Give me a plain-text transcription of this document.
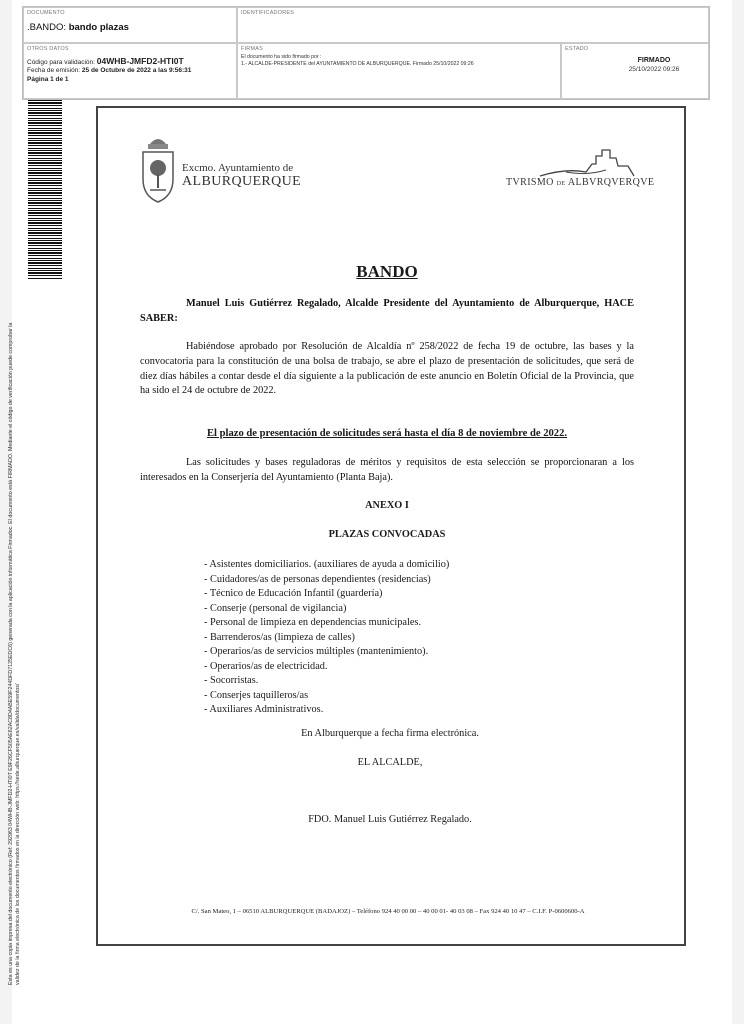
DOCUMENTO
.BANDO: bando plazas
IDENTIFICADORES
OTROS DATOS
Código para validación: 04WHB-JMFD2-HTI0T
Fecha de emisión: 25 de Octubre de 2022 a las 9:56:31
Página 1 de 1
FIRMAS
El documento ha sido firmado por :
1.- ALCALDE-PRESIDENTE del AYUNTAMIENTO DE ALBURQUERQUE. Firmado 25/10/2022 09:26
ESTADO
FIRMADO
25/10/2022 09:26
Esta es una copia impresa del documento electrónico (Ref: 292963 04WHB-JMFD2-HTI0T E9F26CF505AE62AC8D4ABE59F244DFD7125EDC6) generada con la aplicación informática Firmadoc. El documento está FIRMADO. Mediante el código de verificación puede comprobar la validez de la firma electrónica de los documentos firmados en la dirección web: https://sede.alburquerque.es/valida/documentos/
Excmo. Ayuntamiento de
ALBURQUERQUE	TVRISMO DE ALBVRQVERQVE
BANDO
Manuel Luis Gutiérrez Regalado, Alcalde Presidente del Ayuntamiento de Alburquerque, HACE SABER:
Habiéndose aprobado por Resolución de Alcaldía nº 258/2022 de fecha 19 de octubre, las bases y la convocatoria para la constitución de una bolsa de trabajo, se abre el plazo de presentación de solicitudes, que será de diez días hábiles a contar desde el día siguiente a la publicación de este anuncio en Boletín Oficial de la Provincia, que ha sido el 24 de octubre de 2022.
El plazo de presentación de solicitudes será hasta el día 8 de noviembre de 2022.
Las solicitudes y bases reguladoras de méritos y requisitos de esta selección se proporcionaran a los interesados en la Conserjería del Ayuntamiento (Planta Baja).
ANEXO I
PLAZAS CONVOCADAS
- Asistentes domiciliarios. (auxiliares de ayuda a domicilio)
- Cuidadores/as de personas dependientes (residencias)
- Técnico de Educación Infantil (guardería)
- Conserje (personal de vigilancia)
- Personal de limpieza en dependencias municipales.
- Barrenderos/as (limpieza de calles)
- Operarios/as de servicios múltiples (mantenimiento).
- Operarios/as de electricidad.
- Socorristas.
- Conserjes taquilleros/as
- Auxiliares Administrativos.
En Alburquerque a fecha firma electrónica.
EL ALCALDE,
FDO. Manuel Luis Gutiérrez Regalado.
C/. San Mateo, 1 – 06510 ALBURQUERQUE (BADAJOZ) – Teléfono 924 40 00 00 – 40 00 01- 40 03 08 – Fax 924 40 10 47 – C.I.F. P-0600600-A
